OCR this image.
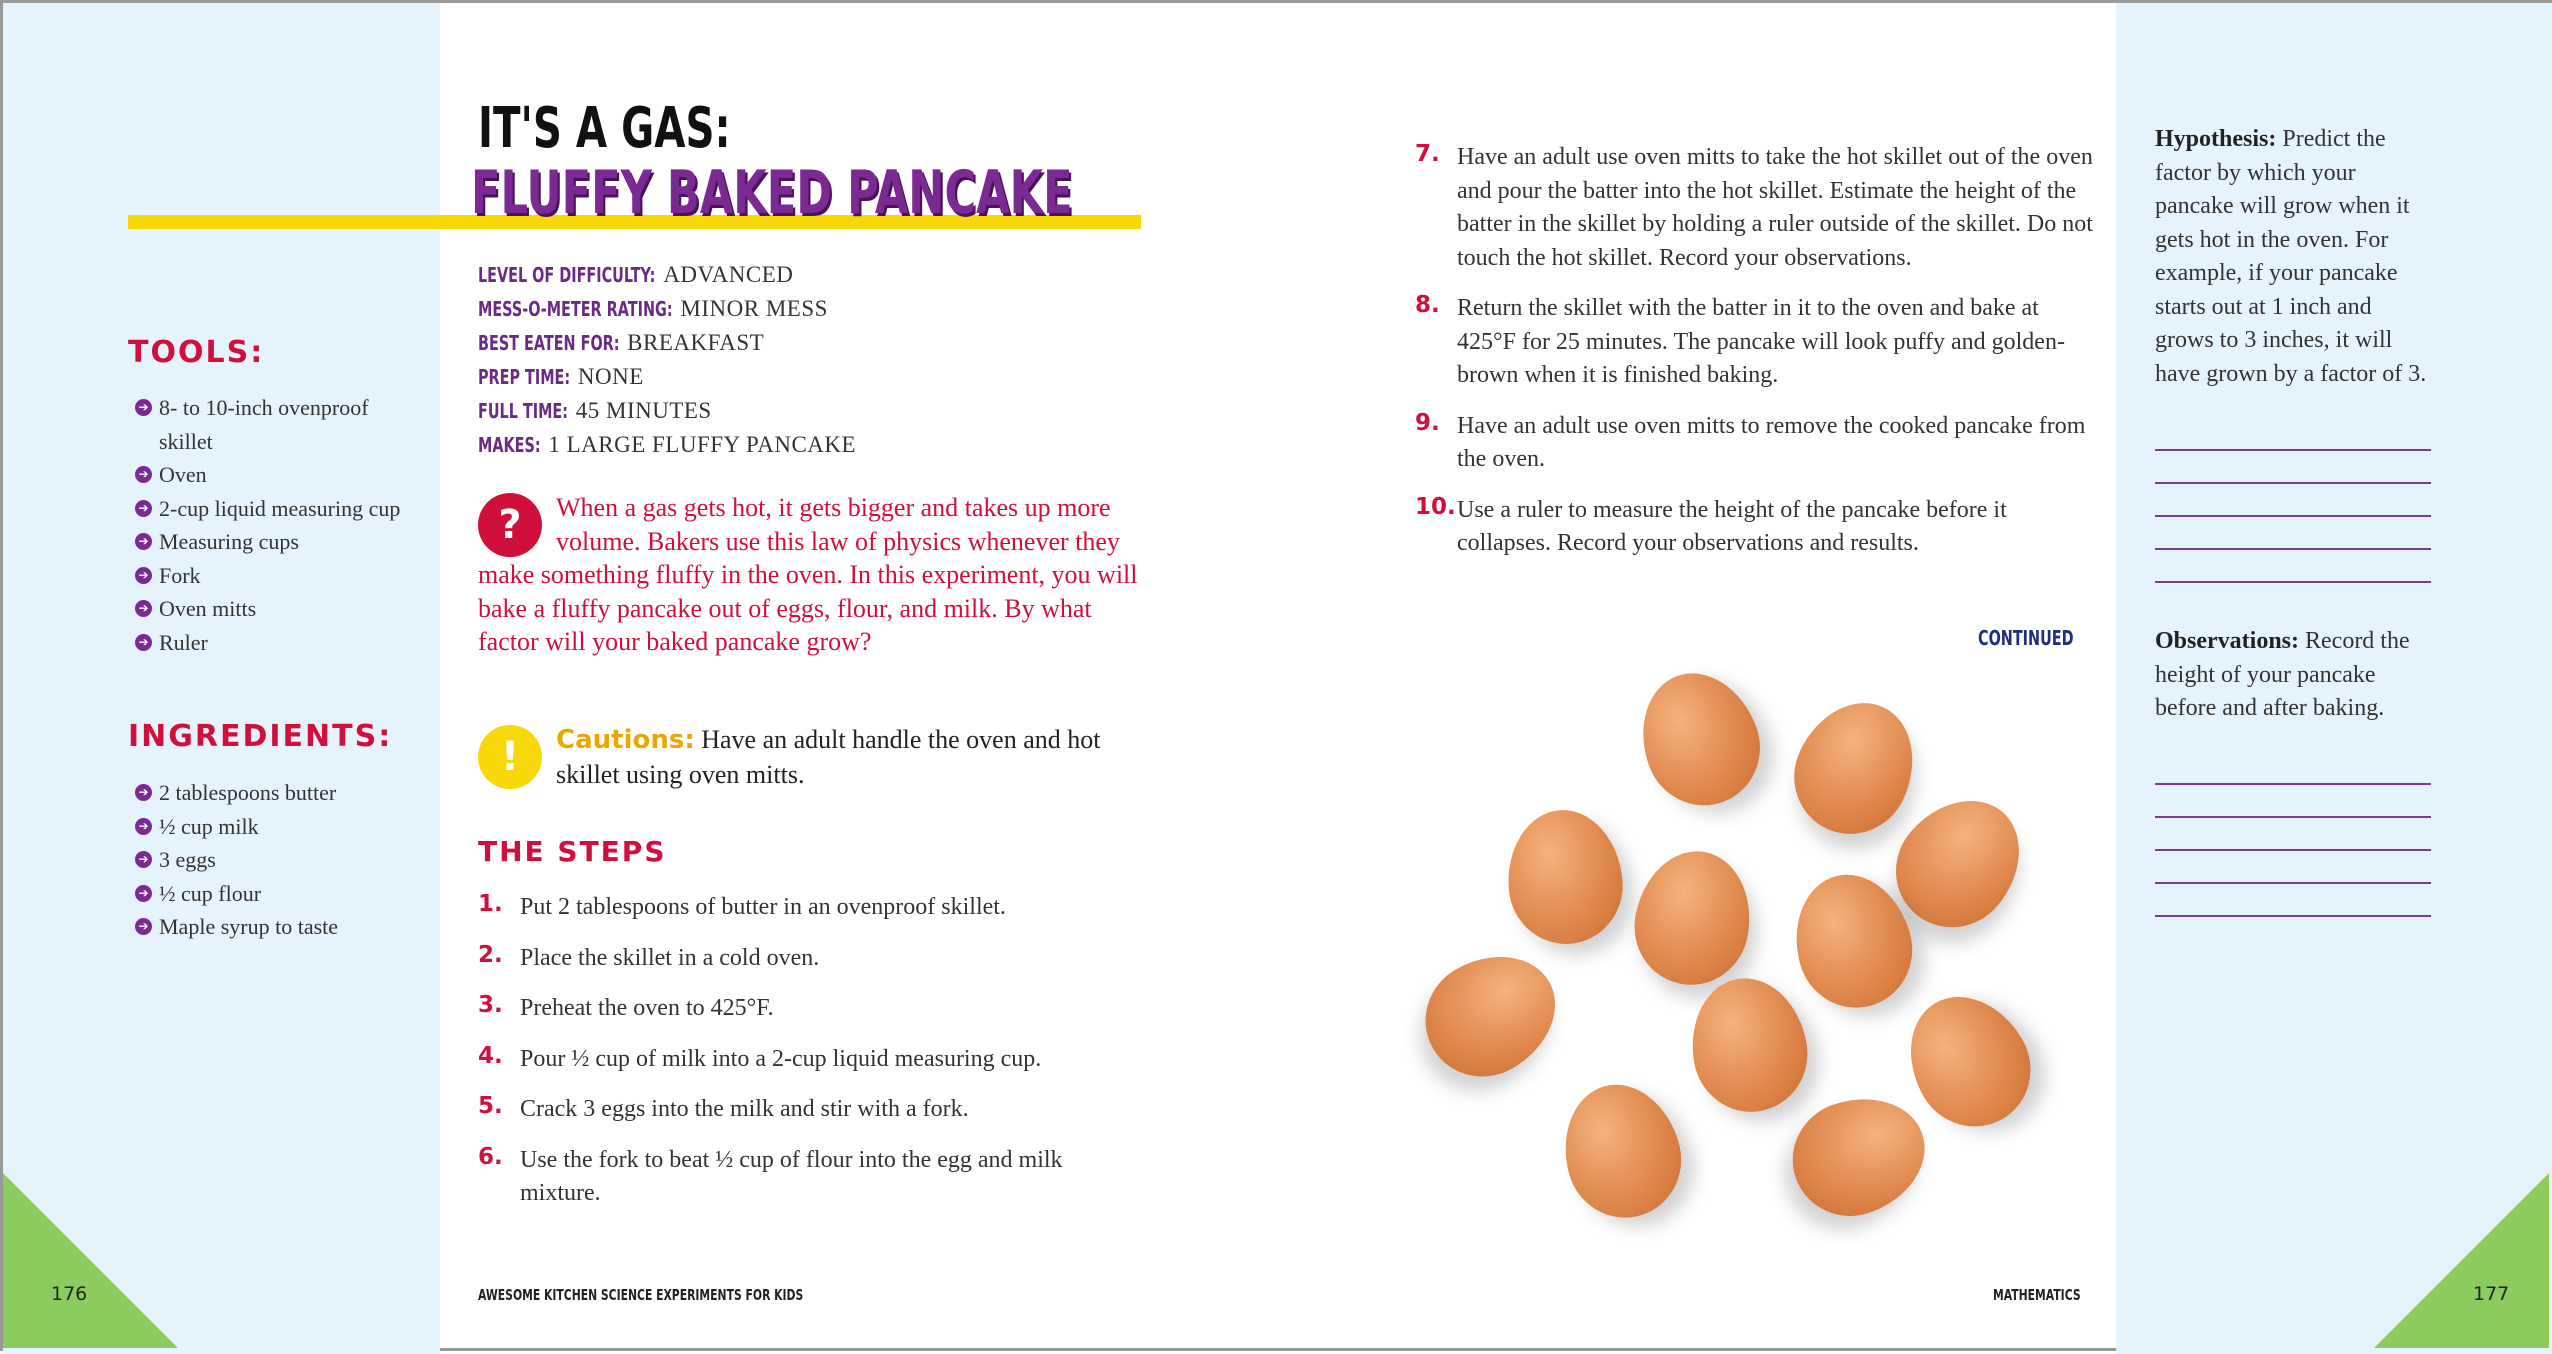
IT'S A GAS:
FLUFFY BAKED PANCAKE
LEVEL OF DIFFICULTY: ADVANCED
MESS-O-METER RATING: MINOR MESS
BEST EATEN FOR: BREAKFAST
PREP TIME: NONE
FULL TIME: 45 MINUTES
MAKES: 1 LARGE FLUFFY PANCAKE
TOOLS:
➔ 8- to 10-inch ovenproof skillet
➔ Oven
➔ 2-cup liquid measuring cup
➔ Measuring cups
➔ Fork
➔ Oven mitts
➔ Ruler
INGREDIENTS:
➔ 2 tablespoons butter
➔ ½ cup milk
➔ 3 eggs
➔ ½ cup flour
➔ Maple syrup to taste
?	When a gas gets hot, it gets bigger and takes up more volume. Bakers use this law of physics whenever they make something fluffy in the oven. In this experiment, you will bake a fluffy pancake out of eggs, flour, and milk. By what factor will your baked pancake grow?
!	Cautions: Have an adult handle the oven and hot skillet using oven mitts.
THE STEPS
1. Put 2 tablespoons of butter in an ovenproof skillet.
2. Place the skillet in a cold oven.
3. Preheat the oven to 425°F.
4. Pour ½ cup of milk into a 2-cup liquid measuring cup.
5. Crack 3 eggs into the milk and stir with a fork.
6. Use the fork to beat ½ cup of flour into the egg and milk mixture.
7. Have an adult use oven mitts to take the hot skillet out of the oven and pour the batter into the hot skillet. Estimate the height of the batter in the skillet by holding a ruler outside of the skillet. Do not touch the hot skillet. Record your observations.
8. Return the skillet with the batter in it to the oven and bake at 425°F for 25 minutes. The pancake will look puffy and golden-brown when it is finished baking.
9. Have an adult use oven mitts to remove the cooked pancake from the oven.
10. Use a ruler to measure the height of the pancake before it collapses. Record your observations and results.
CONTINUED
Hypothesis: Predict the factor by which your pancake will grow when it gets hot in the oven. For example, if your pancake starts out at 1 inch and grows to 3 inches, it will have grown by a factor of 3.
Observations: Record the height of your pancake before and after baking.
176	AWESOME KITCHEN SCIENCE EXPERIMENTS FOR KIDS	MATHEMATICS	177
